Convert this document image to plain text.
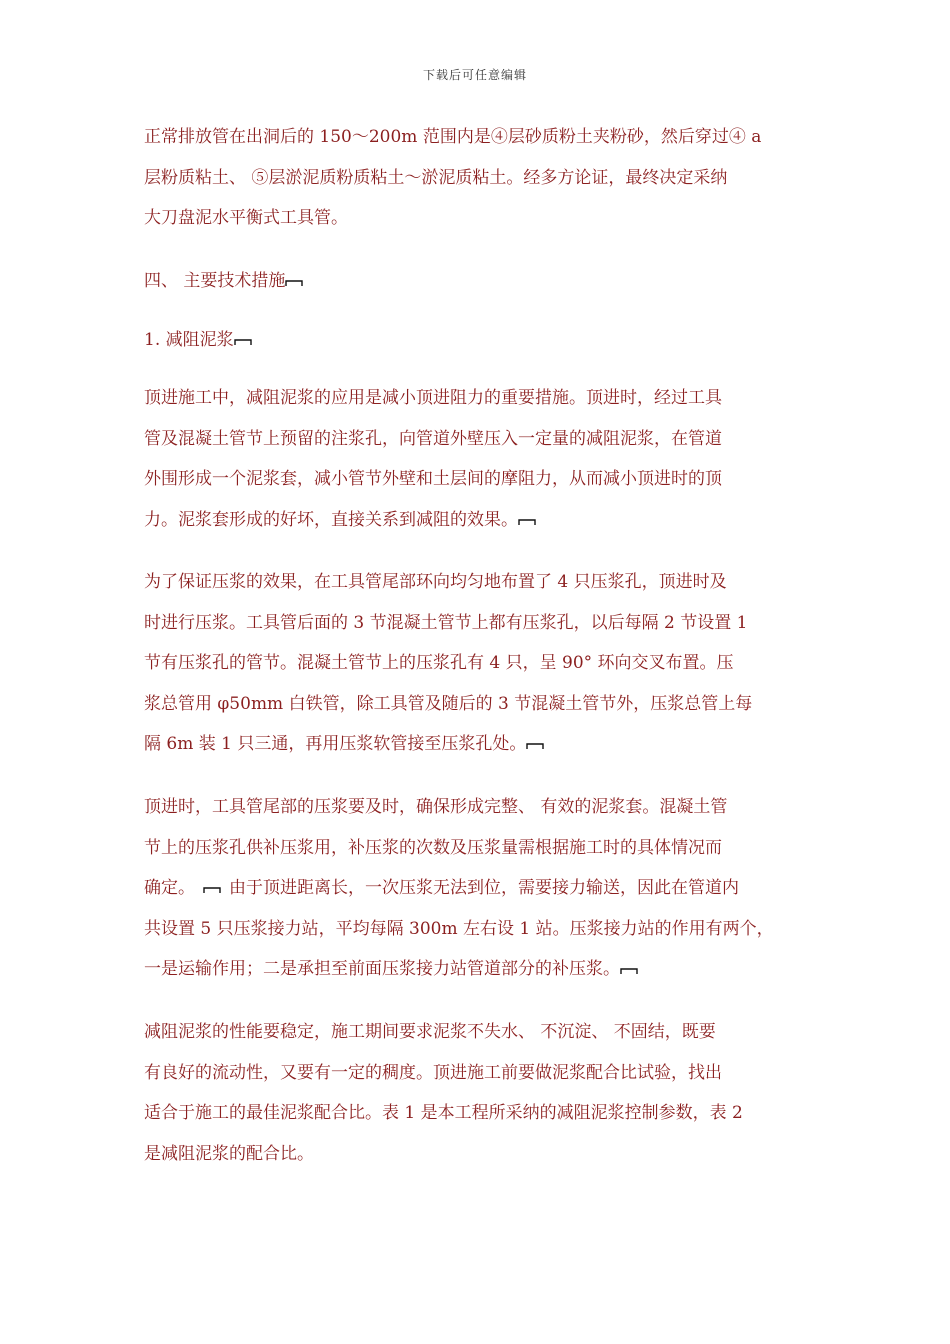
下载后可任意编辑
正常排放管在出洞后的 150～200m 范围内是④层砂质粉土夹粉砂，然后穿过④ a
层粉质粘土、 ⑤层淤泥质粉质粘土～淤泥质粘土。经多方论证，最终决定采纳
大刀盘泥水平衡式工具管。
四、 主要技术措施
1. 减阻泥浆
顶进施工中，减阻泥浆的应用是减小顶进阻力的重要措施。顶进时，经过工具
管及混凝土管节上预留的注浆孔，向管道外壁压入一定量的减阻泥浆，在管道
外围形成一个泥浆套，减小管节外壁和土层间的摩阻力，从而减小顶进时的顶
力。泥浆套形成的好坏，直接关系到减阻的效果。
为了保证压浆的效果，在工具管尾部环向均匀地布置了 4 只压浆孔，顶进时及
时进行压浆。工具管后面的 3 节混凝土管节上都有压浆孔，以后每隔 2 节设置 1
节有压浆孔的管节。混凝土管节上的压浆孔有 4 只，呈 90° 环向交叉布置。压
浆总管用 φ50mm 白铁管，除工具管及随后的 3 节混凝土管节外，压浆总管上每
隔 6m 装 1 只三通，再用压浆软管接至压浆孔处。
顶进时，工具管尾部的压浆要及时，确保形成完整、 有效的泥浆套。混凝土管
节上的压浆孔供补压浆用，补压浆的次数及压浆量需根据施工时的具体情况而
确定。 由于顶进距离长，一次压浆无法到位，需要接力输送，因此在管道内
共设置 5 只压浆接力站，平均每隔 300m 左右设 1 站。压浆接力站的作用有两个，
一是运输作用；二是承担至前面压浆接力站管道部分的补压浆。
减阻泥浆的性能要稳定，施工期间要求泥浆不失水、 不沉淀、 不固结，既要
有良好的流动性，又要有一定的稠度。顶进施工前要做泥浆配合比试验，找出
适合于施工的最佳泥浆配合比。表 1 是本工程所采纳的减阻泥浆控制参数，表 2
是减阻泥浆的配合比。
